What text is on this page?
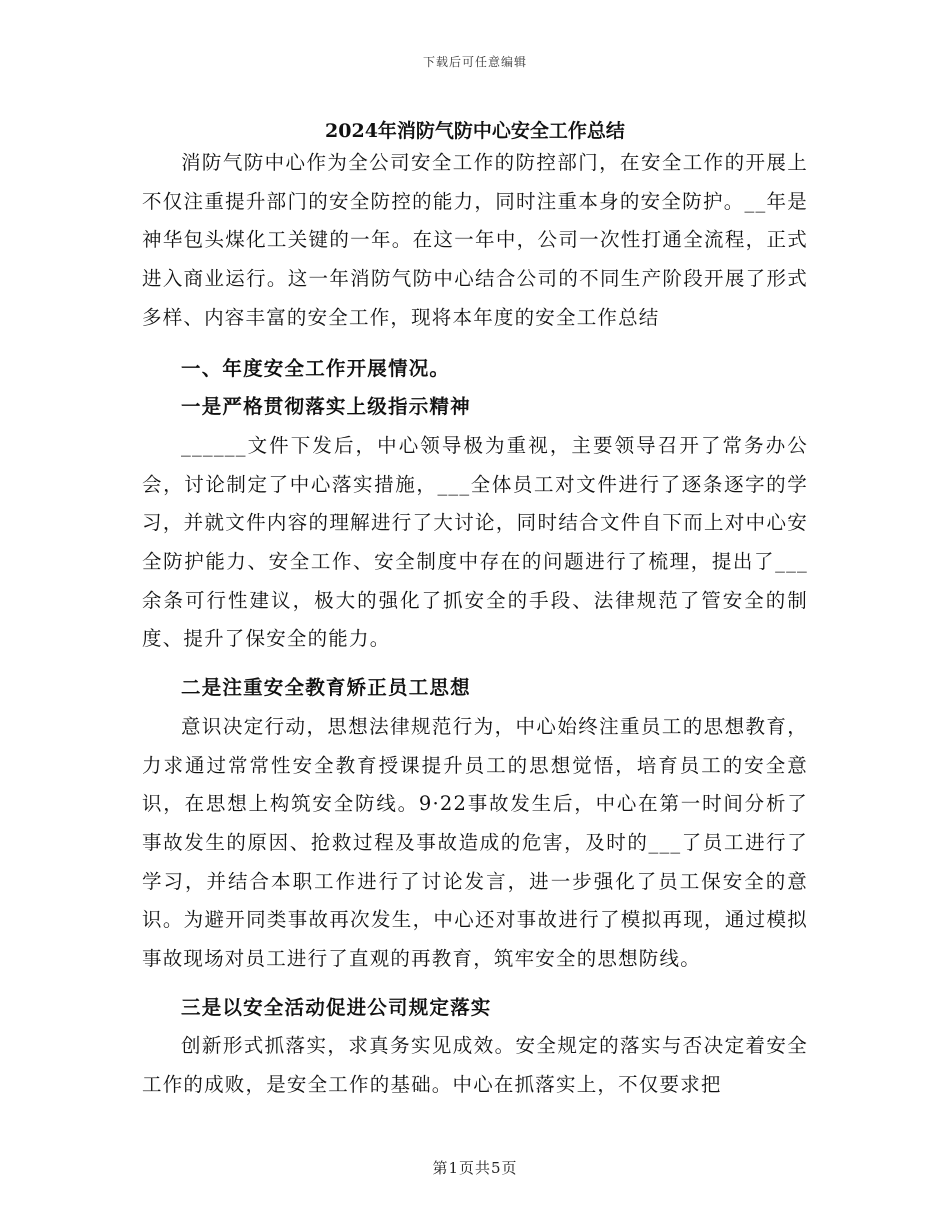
下载后可任意编辑
2024年消防气防中心安全工作总结

消防气防中心作为全公司安全工作的防控部门，在安全工作的开展上不仅注重提升部门的安全防控的能力，同时注重本身的安全防护。__年是神华包头煤化工关键的一年。在这一年中，公司一次性打通全流程，正式进入商业运行。这一年消防气防中心结合公司的不同生产阶段开展了形式多样、内容丰富的安全工作，现将本年度的安全工作总结

一、年度安全工作开展情况。

一是严格贯彻落实上级指示精神

______文件下发后，中心领导极为重视，主要领导召开了常务办公会，讨论制定了中心落实措施，___全体员工对文件进行了逐条逐字的学习，并就文件内容的理解进行了大讨论，同时结合文件自下而上对中心安全防护能力、安全工作、安全制度中存在的问题进行了梳理，提出了___余条可行性建议，极大的强化了抓安全的手段、法律规范了管安全的制度、提升了保安全的能力。

二是注重安全教育矫正员工思想

意识决定行动，思想法律规范行为，中心始终注重员工的思想教育，力求通过常常性安全教育授课提升员工的思想觉悟，培育员工的安全意识，在思想上构筑安全防线。9·22事故发生后，中心在第一时间分析了事故发生的原因、抢救过程及事故造成的危害，及时的___了员工进行了学习，并结合本职工作进行了讨论发言，进一步强化了员工保安全的意识。为避开同类事故再次发生，中心还对事故进行了模拟再现，通过模拟事故现场对员工进行了直观的再教育，筑牢安全的思想防线。

三是以安全活动促进公司规定落实

创新形式抓落实，求真务实见成效。安全规定的落实与否决定着安全工作的成败，是安全工作的基础。中心在抓落实上，不仅要求把

第1页共5页
